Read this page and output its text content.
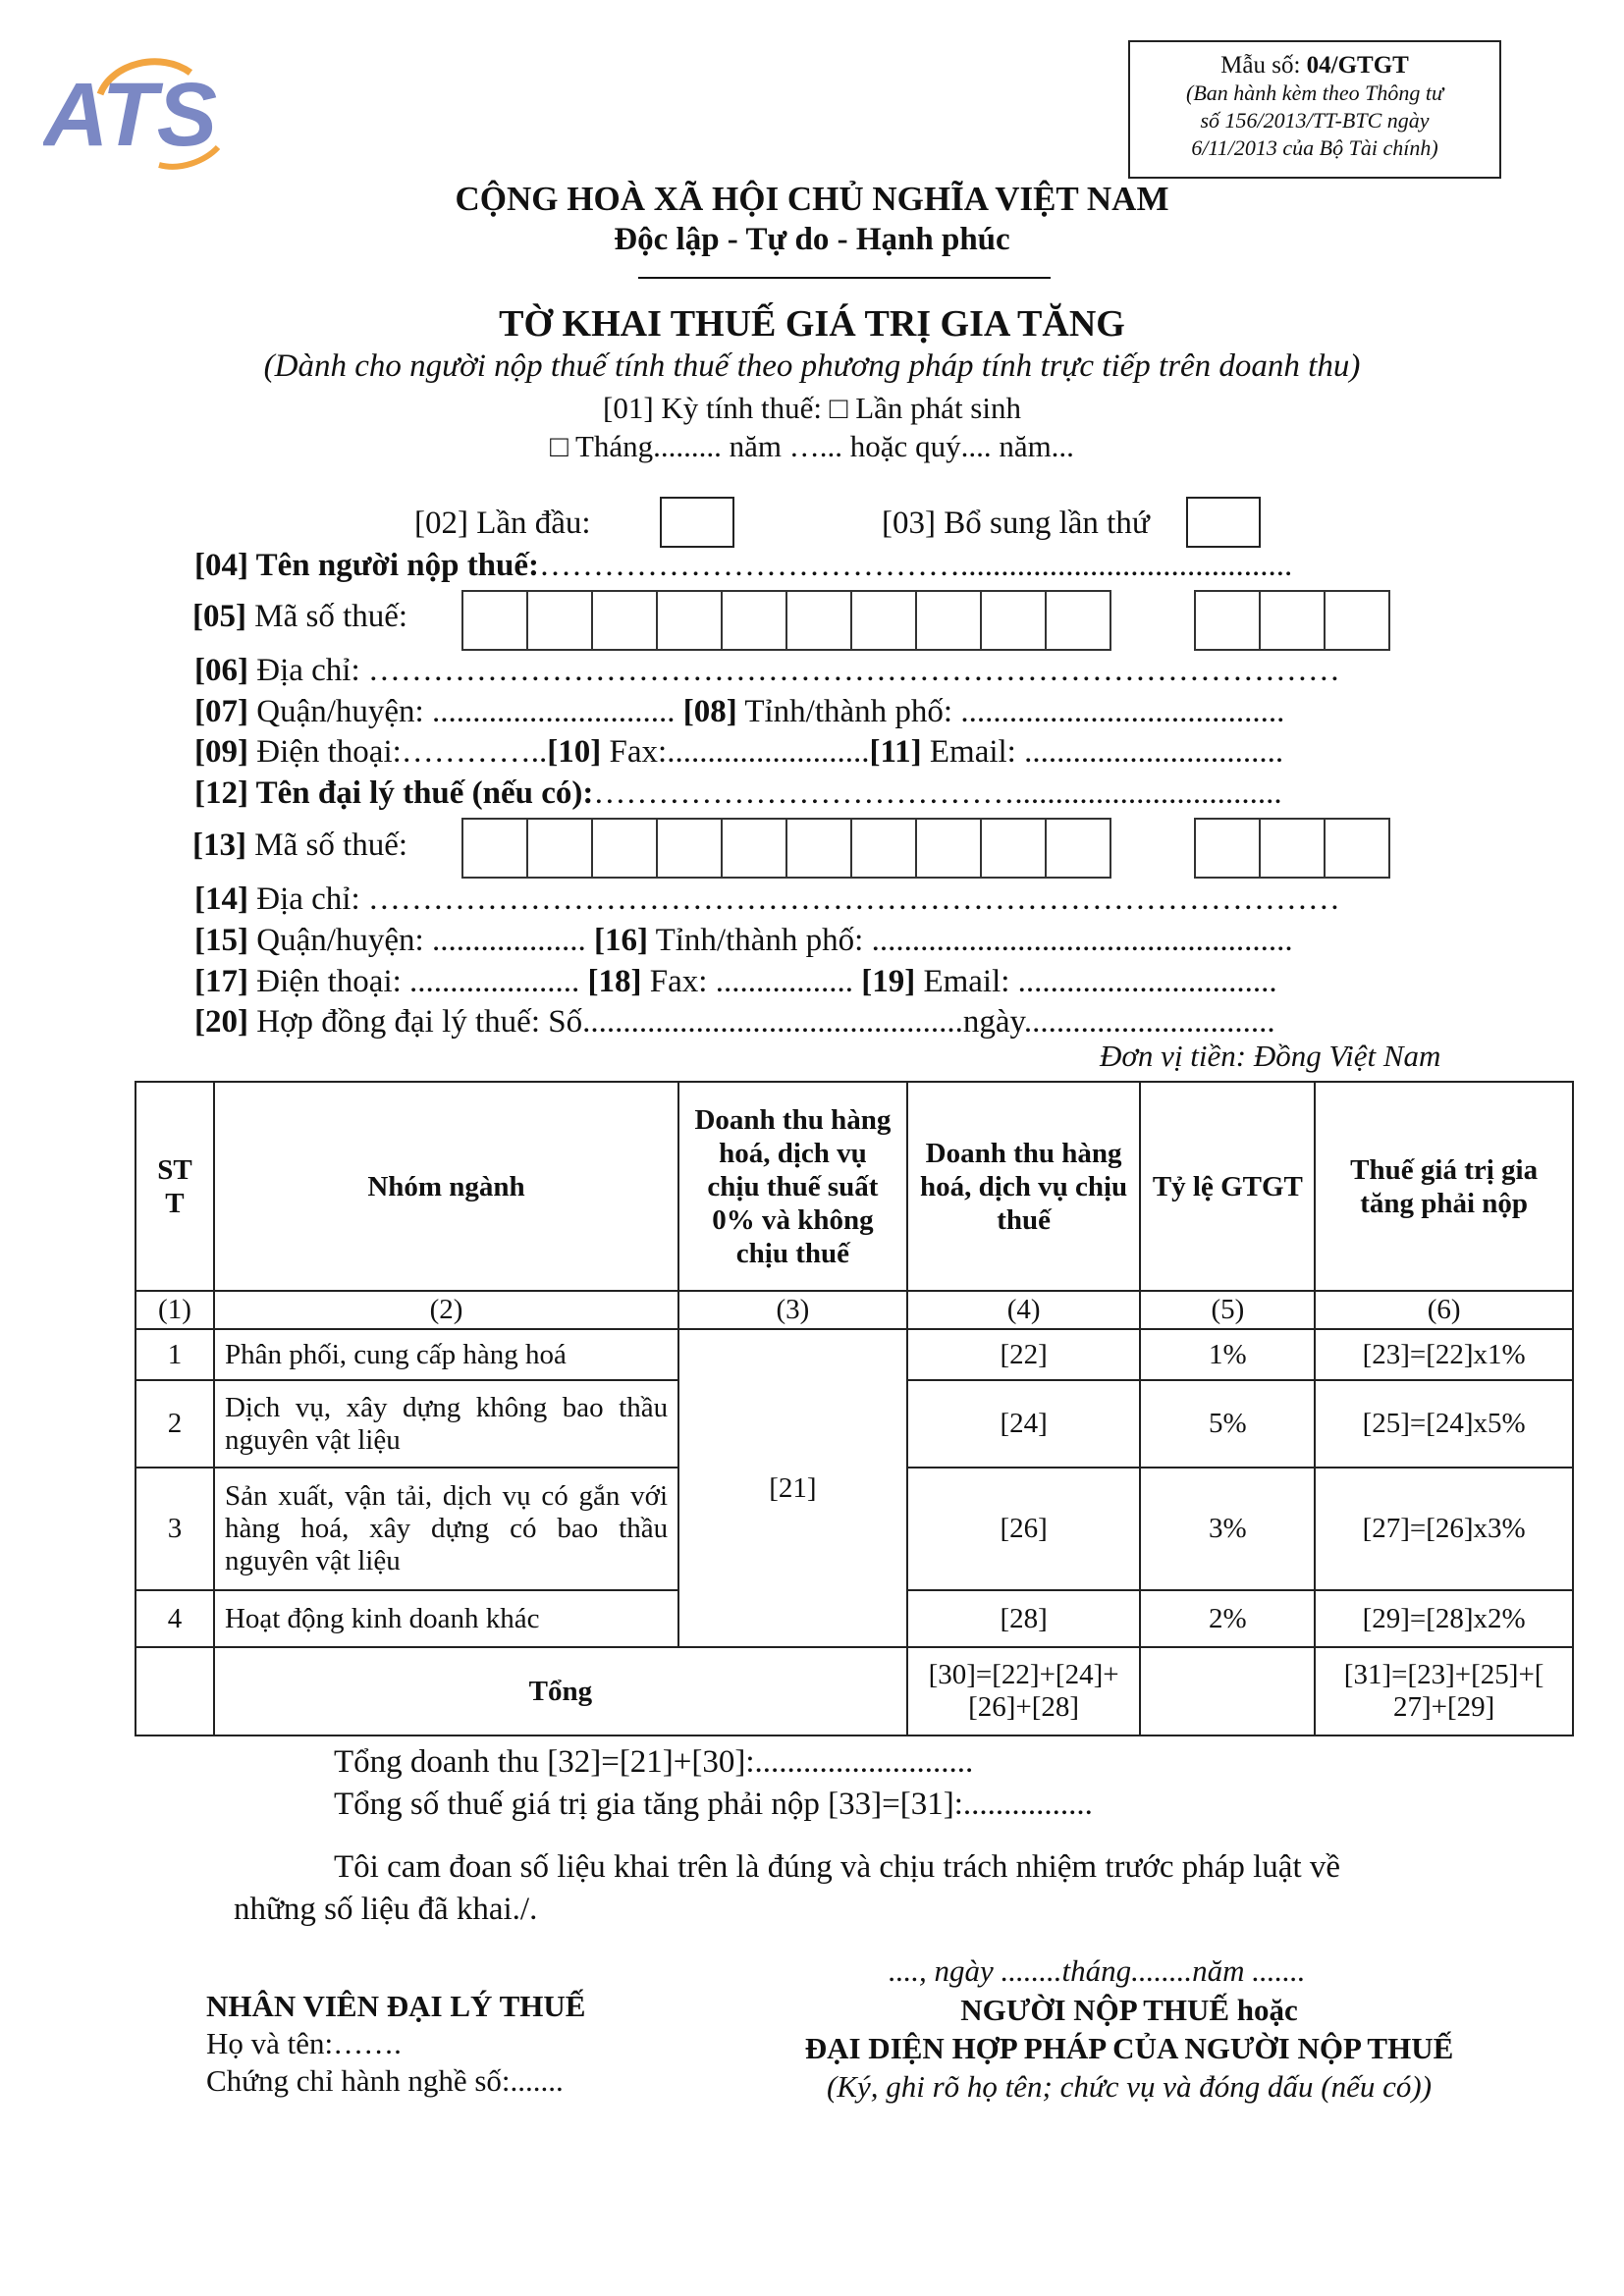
ATS	Mẫu số: 04/GTGT
(Ban hành kèm theo Thông tư
số 156/2013/TT-BTC ngày
6/11/2013 của Bộ Tài chính)
CỘNG HOÀ XÃ HỘI CHỦ NGHĨA VIỆT NAM
Độc lập - Tự do - Hạnh phúc
TỜ KHAI THUẾ GIÁ TRỊ GIA TĂNG
(Dành cho người nộp thuế tính thuế theo phương pháp tính trực tiếp trên doanh thu)
[01] Kỳ tính thuế: □ Lần phát sinh
□ Tháng......... năm …... hoặc quý.... năm...
[02] Lần đầu:	[03] Bổ sung lần thứ
[04] Tên người nộp thuế:………………………………….........................................
[05] Mã số thuế:
[06] Địa chỉ: ………………………………………………………………………………
[07] Quận/huyện: .............................. [08] Tỉnh/thành phố: ........................................
[09] Điện thoại:…………..[10] Fax:.........................[11] Email: ................................
[12] Tên đại lý thuế (nếu có):………………………………….................................
[13] Mã số thuế:
[14] Địa chỉ: ………………………………………………………………………………
[15] Quận/huyện: ................... [16] Tỉnh/thành phố: ....................................................
[17] Điện thoại: ..................... [18] Fax: ................. [19] Email: ................................
[20] Hợp đồng đại lý thuế: Số...............................................ngày...............................
Đơn vị tiền: Đồng Việt Nam
ST T	Nhóm ngành	Doanh thu hàng hoá, dịch vụ chịu thuế suất 0% và không chịu thuế	Doanh thu hàng hoá, dịch vụ chịu thuế	Tỷ lệ GTGT	Thuế giá trị gia tăng phải nộp
(1)	(2)	(3)	(4)	(5)	(6)
1	Phân phối, cung cấp hàng hoá	[21]	[22]	1%	[23]=[22]x1%
2	Dịch vụ, xây dựng không bao thầu nguyên vật liệu		[24]	5%	[25]=[24]x5%
3	Sản xuất, vận tải, dịch vụ có gắn với hàng hoá, xây dựng có bao thầu nguyên vật liệu		[26]	3%	[27]=[26]x3%
4	Hoạt động kinh doanh khác		[28]	2%	[29]=[28]x2%
	Tổng		[30]=[22]+[24]+ [26]+[28]		[31]=[23]+[25]+[ 27]+[29]
Tổng doanh thu [32]=[21]+[30]:...........................
Tổng số thuế giá trị gia tăng phải nộp [33]=[31]:................
Tôi cam đoan số liệu khai trên là đúng và chịu trách nhiệm trước pháp luật về
những số liệu đã khai./.
...., ngày ........tháng........năm .......
NHÂN VIÊN ĐẠI LÝ THUẾ
Họ và tên:…….
Chứng chỉ hành nghề số:.......
NGƯỜI NỘP THUẾ hoặc
ĐẠI DIỆN HỢP PHÁP CỦA NGƯỜI NỘP THUẾ
(Ký, ghi rõ họ tên; chức vụ và đóng dấu (nếu có))
